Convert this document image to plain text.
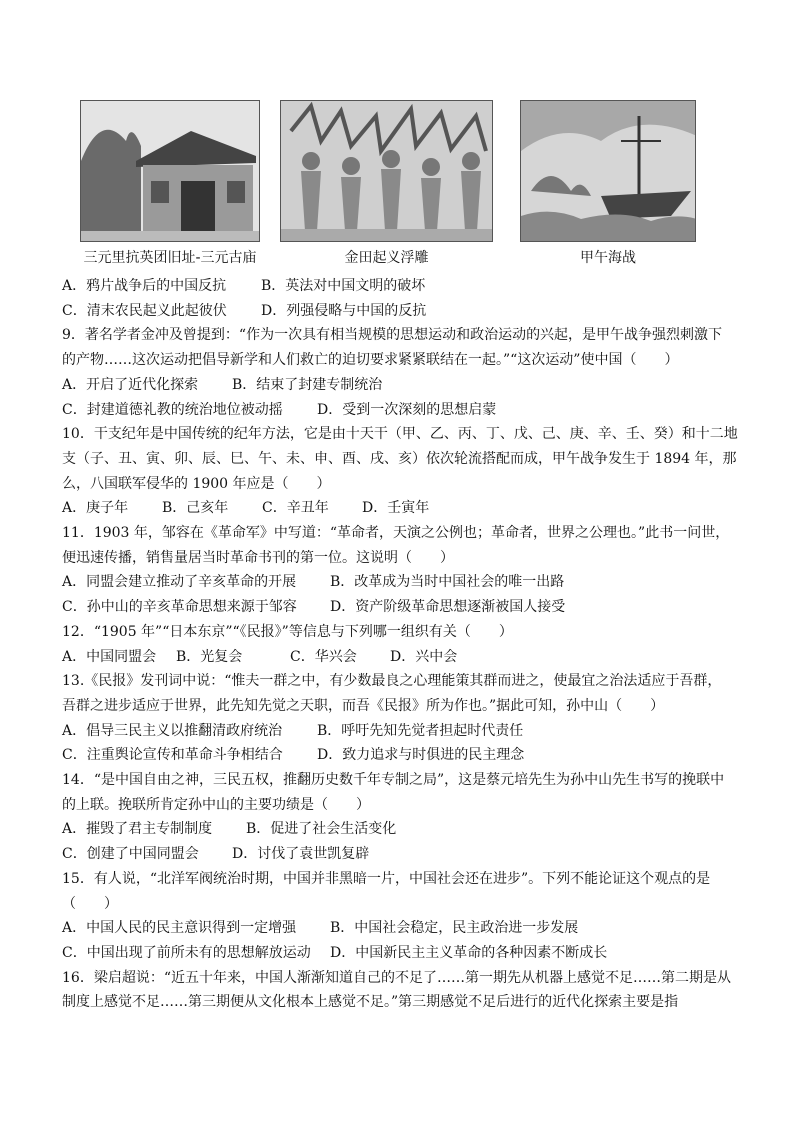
三元里抗英团旧址-三元古庙	金田起义浮雕	甲午海战

A．鸦片战争后的中国反抗 B．英法对中国文明的破坏

C．清末农民起义此起彼伏 D．列强侵略与中国的反抗

9．著名学者金冲及曾提到：“作为一次具有相当规模的思想运动和政治运动的兴起，是甲午战争强烈刺激下

的产物……这次运动把倡导新学和人们救亡的迫切要求紧紧联结在一起。”“这次运动”使中国（　　）

A．开启了近代化探索 B．结束了封建专制统治

C．封建道德礼教的统治地位被动摇 D．受到一次深刻的思想启蒙

10．干支纪年是中国传统的纪年方法，它是由十天干（甲、乙、丙、丁、戊、己、庚、辛、壬、癸）和十二地

支（子、丑、寅、卯、辰、巳、午、未、申、酉、戌、亥）依次轮流搭配而成，甲午战争发生于 1894 年，那

么，八国联军侵华的 1900 年应是（　　）

A．庚子年 B．己亥年 C．辛丑年 D．壬寅年

11．1903 年，邹容在《革命军》中写道：“革命者，天演之公例也；革命者，世界之公理也。”此书一问世，

便迅速传播，销售量居当时革命书刊的第一位。这说明（　　）

A．同盟会建立推动了辛亥革命的开展 B．改革成为当时中国社会的唯一出路

C．孙中山的辛亥革命思想来源于邹容 D．资产阶级革命思想逐渐被国人接受

12．“1905 年”“日本东京”“《民报》”等信息与下列哪一组织有关（　　）

A．中国同盟会 B．光复会	C．华兴会 D．兴中会

13.《民报》发刊词中说：“惟夫一群之中，有少数最良之心理能策其群而进之，使最宜之治法适应于吾群，

吾群之进步适应于世界，此先知先觉之天职，而吾《民报》所为作也。”据此可知，孙中山（　　）

A．倡导三民主义以推翻清政府统治 B．呼吁先知先觉者担起时代责任

C．注重舆论宣传和革命斗争相结合 D．致力追求与时俱进的民主理念

14．“是中国自由之神，三民五权，推翻历史数千年专制之局”，这是蔡元培先生为孙中山先生书写的挽联中

的上联。挽联所肯定孙中山的主要功绩是（　　）

A．摧毁了君主专制制度 B．促进了社会生活变化

C．创建了中国同盟会 D．讨伐了袁世凯复辟

15．有人说，“北洋军阀统治时期，中国并非黑暗一片，中国社会还在进步”。下列不能论证这个观点的是

（　　）

A．中国人民的民主意识得到一定增强 B．中国社会稳定，民主政治进一步发展

C．中国出现了前所未有的思想解放运动 D．中国新民主主义革命的各种因素不断成长

16．梁启超说：“近五十年来，中国人渐渐知道自己的不足了……第一期先从机器上感觉不足……第二期是从

制度上感觉不足……第三期便从文化根本上感觉不足。”第三期感觉不足后进行的近代化探索主要是指
